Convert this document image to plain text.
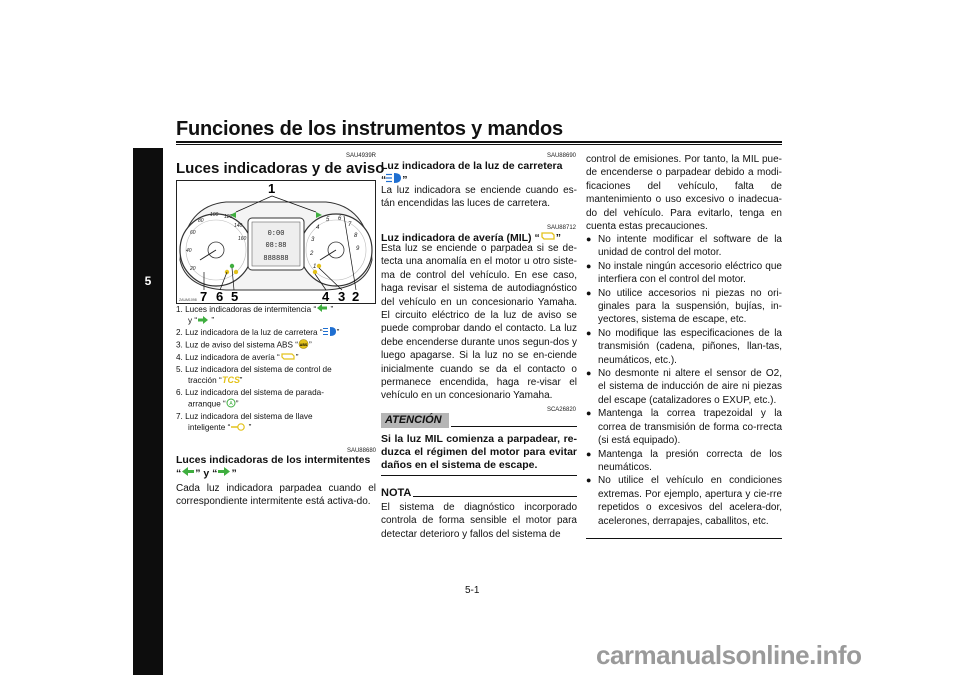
Funciones de los instrumentos y mandos
5
SAU4939R
Luces indicadoras y de aviso
20
40
60
80
100 120
140
160
1
2
3
4
5 6
7
8
9
0:00
08:88
888888
1
7 6 5	4 3 2
ZAUM1098
1. Luces indicadoras de intermitencia “ ”
y “ ”
2. Luz indicadora de la luz de carretera “ ”
3. Luz de aviso del sistema ABS “ ABS ”
4. Luz indicadora de avería “ ”
5. Luz indicadora del sistema de control de
tracción “ TCS ”
6. Luz indicadora del sistema de parada-
arranque “ A ”
7. Luz indicadora del sistema de llave
inteligente “ ”
SAU88680
Luces indicadoras de los intermitentes
“ ” y “ ”
Cada luz indicadora parpadea cuando el correspondiente intermitente está activa-do.
SAU88690
Luz indicadora de la luz de carretera
“ ”
La luz indicadora se enciende cuando es-tán encendidas las luces de carretera.
SAU88712
Luz indicadora de avería (MIL) “ ”
Esta luz se enciende o parpadea si se de-tecta una anomalía en el motor u otro siste-ma de control del vehículo. En ese caso, haga revisar el sistema de autodiagnóstico del vehículo en un concesionario Yamaha. El circuito eléctrico de la luz de aviso se puede comprobar dando el contacto. La luz debe encenderse durante unos segun-dos y luego apagarse. Si la luz no se en-ciende inicialmente cuando se da el contacto o permanece encendida, haga re-visar el vehículo en un concesionario Yamaha.
ATENCIÓN
SCA26820
Si la luz MIL comienza a parpadear, re-duzca el régimen del motor para evitar daños en el sistema de escape.
NOTA
El sistema de diagnóstico incorporado controla de forma sensible el motor para detectar deterioro y fallos del sistema de
control de emisiones. Por tanto, la MIL pue-de encenderse o parpadear debido a modi-ficaciones del vehículo, falta de mantenimiento o uso excesivo o inadecua-do del vehículo. Para evitarlo, tenga en cuenta estas precauciones.
● No intente modificar el software de la unidad de control del motor.
● No instale ningún accesorio eléctrico que interfiera con el control del motor.
● No utilice accesorios ni piezas no ori-ginales para la suspensión, bujías, in-yectores, sistema de escape, etc.
● No modifique las especificaciones de la transmisión (cadena, piñones, llan-tas, neumáticos, etc.).
● No desmonte ni altere el sensor de O2, el sistema de inducción de aire ni piezas del escape (catalizadores o EXUP, etc.).
● Mantenga la correa trapezoidal y la correa de transmisión de forma co-rrecta (si está equipado).
● Mantenga la presión correcta de los neumáticos.
● No utilice el vehículo en condiciones extremas. Por ejemplo, apertura y cie-rre repetidos o excesivos del acelera-dor, acelerones, derrapajes, caballitos, etc.
5-1
carmanualsonline.info
